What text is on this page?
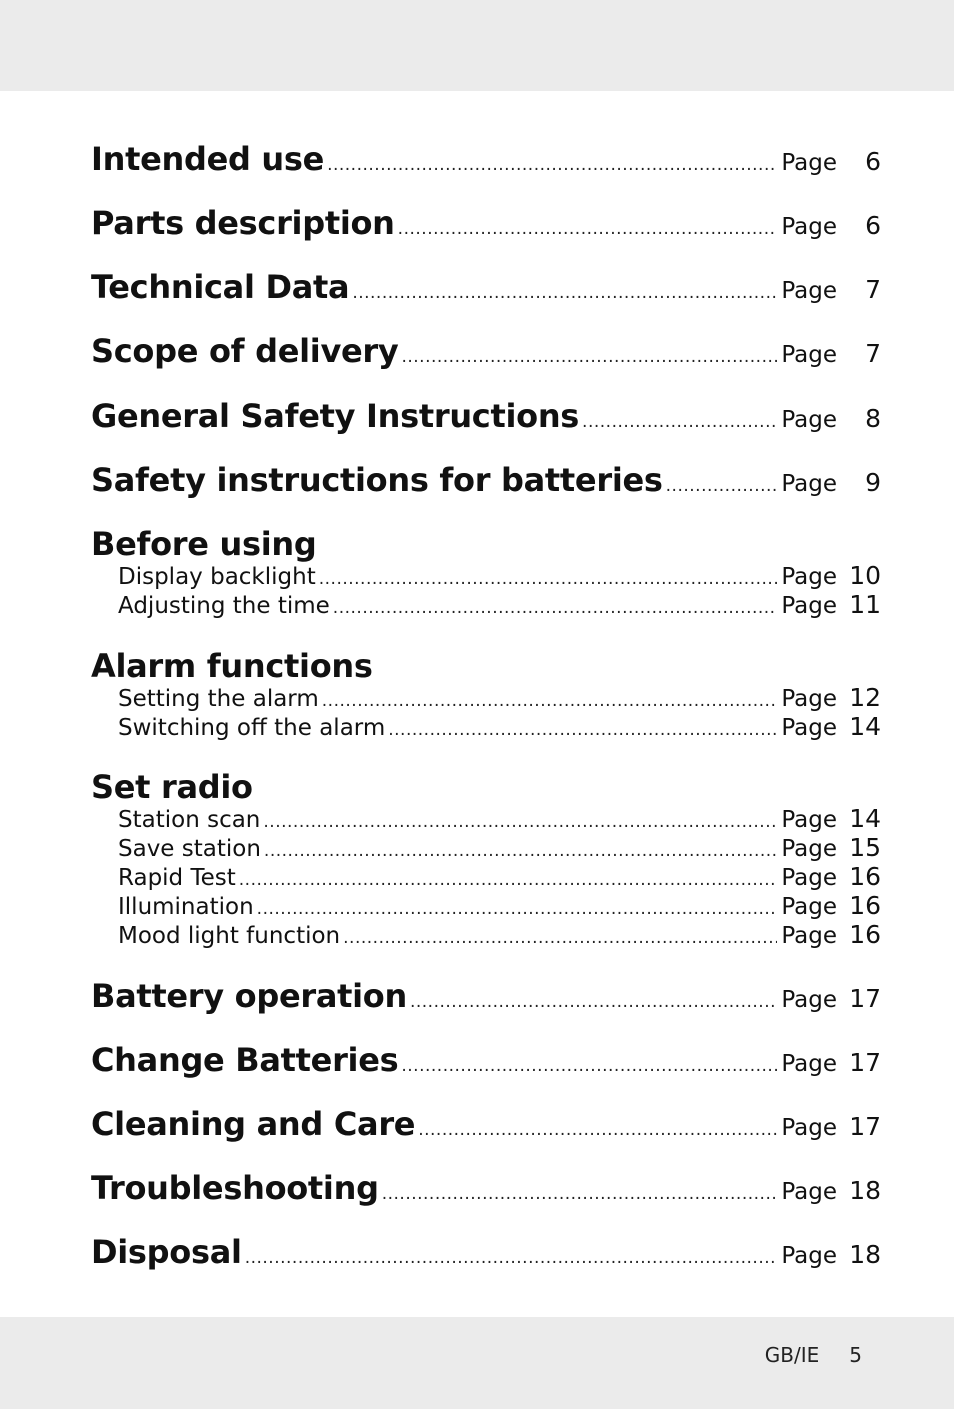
Intended use .....	Page	6
Parts description .....	Page	6
Technical Data .....	Page	7
Scope of delivery .....	Page	7
General Safety Instructions .....	Page	8
Safety instructions for batteries .....	Page	9
Before using
Display backlight .....	Page 10
Adjusting the time .....	Page 11
Alarm functions
Setting the alarm .....	Page 12
Switching off the alarm .....	Page 14
Set radio
Station scan .....	Page 14
Save station .....	Page 15
Rapid Test .....	Page 16
Illumination .....	Page 16
Mood light function .....	Page 16
Battery operation .....	Page 17
Change Batteries .....	Page 17
Cleaning and Care .....	Page 17
Troubleshooting .....	Page 18
Disposal .....	Page 18
GB/IE 5
